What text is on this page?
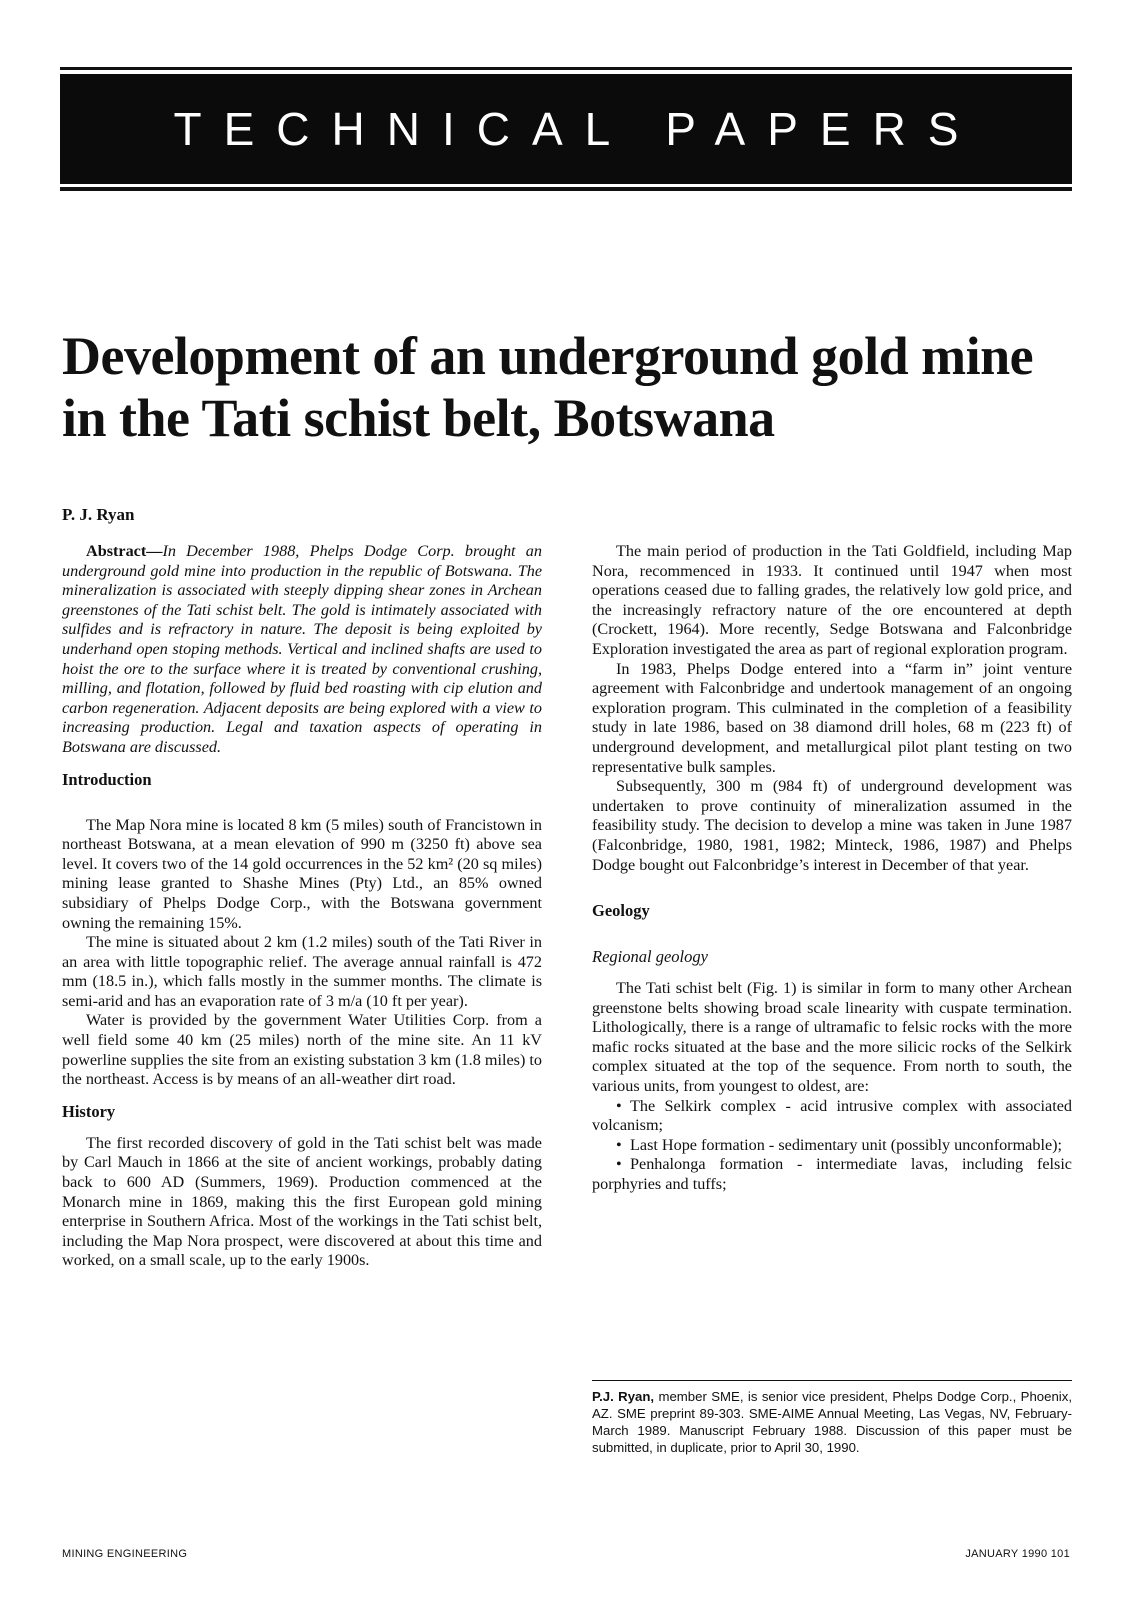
TECHNICAL PAPERS
Development of an underground gold mine in the Tati schist belt, Botswana

P. J. Ryan

Abstract—In December 1988, Phelps Dodge Corp. brought an underground gold mine into production in the republic of Botswana. The mineralization is associated with steeply dipping shear zones in Archean greenstones of the Tati schist belt. The gold is intimately associated with sulfides and is refractory in nature. The deposit is being exploited by underhand open stoping methods. Vertical and inclined shafts are used to hoist the ore to the surface where it is treated by conventional crushing, milling, and flotation, followed by fluid bed roasting with cip elution and carbon regeneration. Adjacent deposits are being explored with a view to increasing production. Legal and taxation aspects of operating in Botswana are discussed.

Introduction

The Map Nora mine is located 8 km (5 miles) south of Francistown in northeast Botswana, at a mean elevation of 990 m (3250 ft) above sea level. It covers two of the 14 gold occurrences in the 52 km² (20 sq miles) mining lease granted to Shashe Mines (Pty) Ltd., an 85% owned subsidiary of Phelps Dodge Corp., with the Botswana government owning the remaining 15%.

The mine is situated about 2 km (1.2 miles) south of the Tati River in an area with little topographic relief. The average annual rainfall is 472 mm (18.5 in.), which falls mostly in the summer months. The climate is semi-arid and has an evaporation rate of 3 m/a (10 ft per year).

Water is provided by the government Water Utilities Corp. from a well field some 40 km (25 miles) north of the mine site. An 11 kV powerline supplies the site from an existing substation 3 km (1.8 miles) to the northeast. Access is by means of an all-weather dirt road.

History

The first recorded discovery of gold in the Tati schist belt was made by Carl Mauch in 1866 at the site of ancient workings, probably dating back to 600 AD (Summers, 1969). Production commenced at the Monarch mine in 1869, making this the first European gold mining enterprise in Southern Africa. Most of the workings in the Tati schist belt, including the Map Nora prospect, were discovered at about this time and worked, on a small scale, up to the early 1900s.

The main period of production in the Tati Goldfield, including Map Nora, recommenced in 1933. It continued until 1947 when most operations ceased due to falling grades, the relatively low gold price, and the increasingly refractory nature of the ore encountered at depth (Crockett, 1964). More recently, Sedge Botswana and Falconbridge Exploration investigated the area as part of regional exploration program.

In 1983, Phelps Dodge entered into a “farm in” joint venture agreement with Falconbridge and undertook management of an ongoing exploration program. This culminated in the completion of a feasibility study in late 1986, based on 38 diamond drill holes, 68 m (223 ft) of underground development, and metallurgical pilot plant testing on two representative bulk samples.

Subsequently, 300 m (984 ft) of underground development was undertaken to prove continuity of mineralization assumed in the feasibility study. The decision to develop a mine was taken in June 1987 (Falconbridge, 1980, 1981, 1982; Minteck, 1986, 1987) and Phelps Dodge bought out Falconbridge’s interest in December of that year.

Geology
Regional geology

The Tati schist belt (Fig. 1) is similar in form to many other Archean greenstone belts showing broad scale linearity with cuspate termination. Lithologically, there is a range of ultramafic to felsic rocks with the more mafic rocks situated at the base and the more silicic rocks of the Selkirk complex situated at the top of the sequence. From north to south, the various units, from youngest to oldest, are:

• The Selkirk complex - acid intrusive complex with associated volcanism;
• Last Hope formation - sedimentary unit (possibly unconformable);
• Penhalonga formation - intermediate lavas, including felsic porphyries and tuffs;

P.J. Ryan, member SME, is senior vice president, Phelps Dodge Corp., Phoenix, AZ. SME preprint 89-303. SME-AIME Annual Meeting, Las Vegas, NV, February-March 1989. Manuscript February 1988. Discussion of this paper must be submitted, in duplicate, prior to April 30, 1990.

MINING ENGINEERING	JANUARY 1990 101
